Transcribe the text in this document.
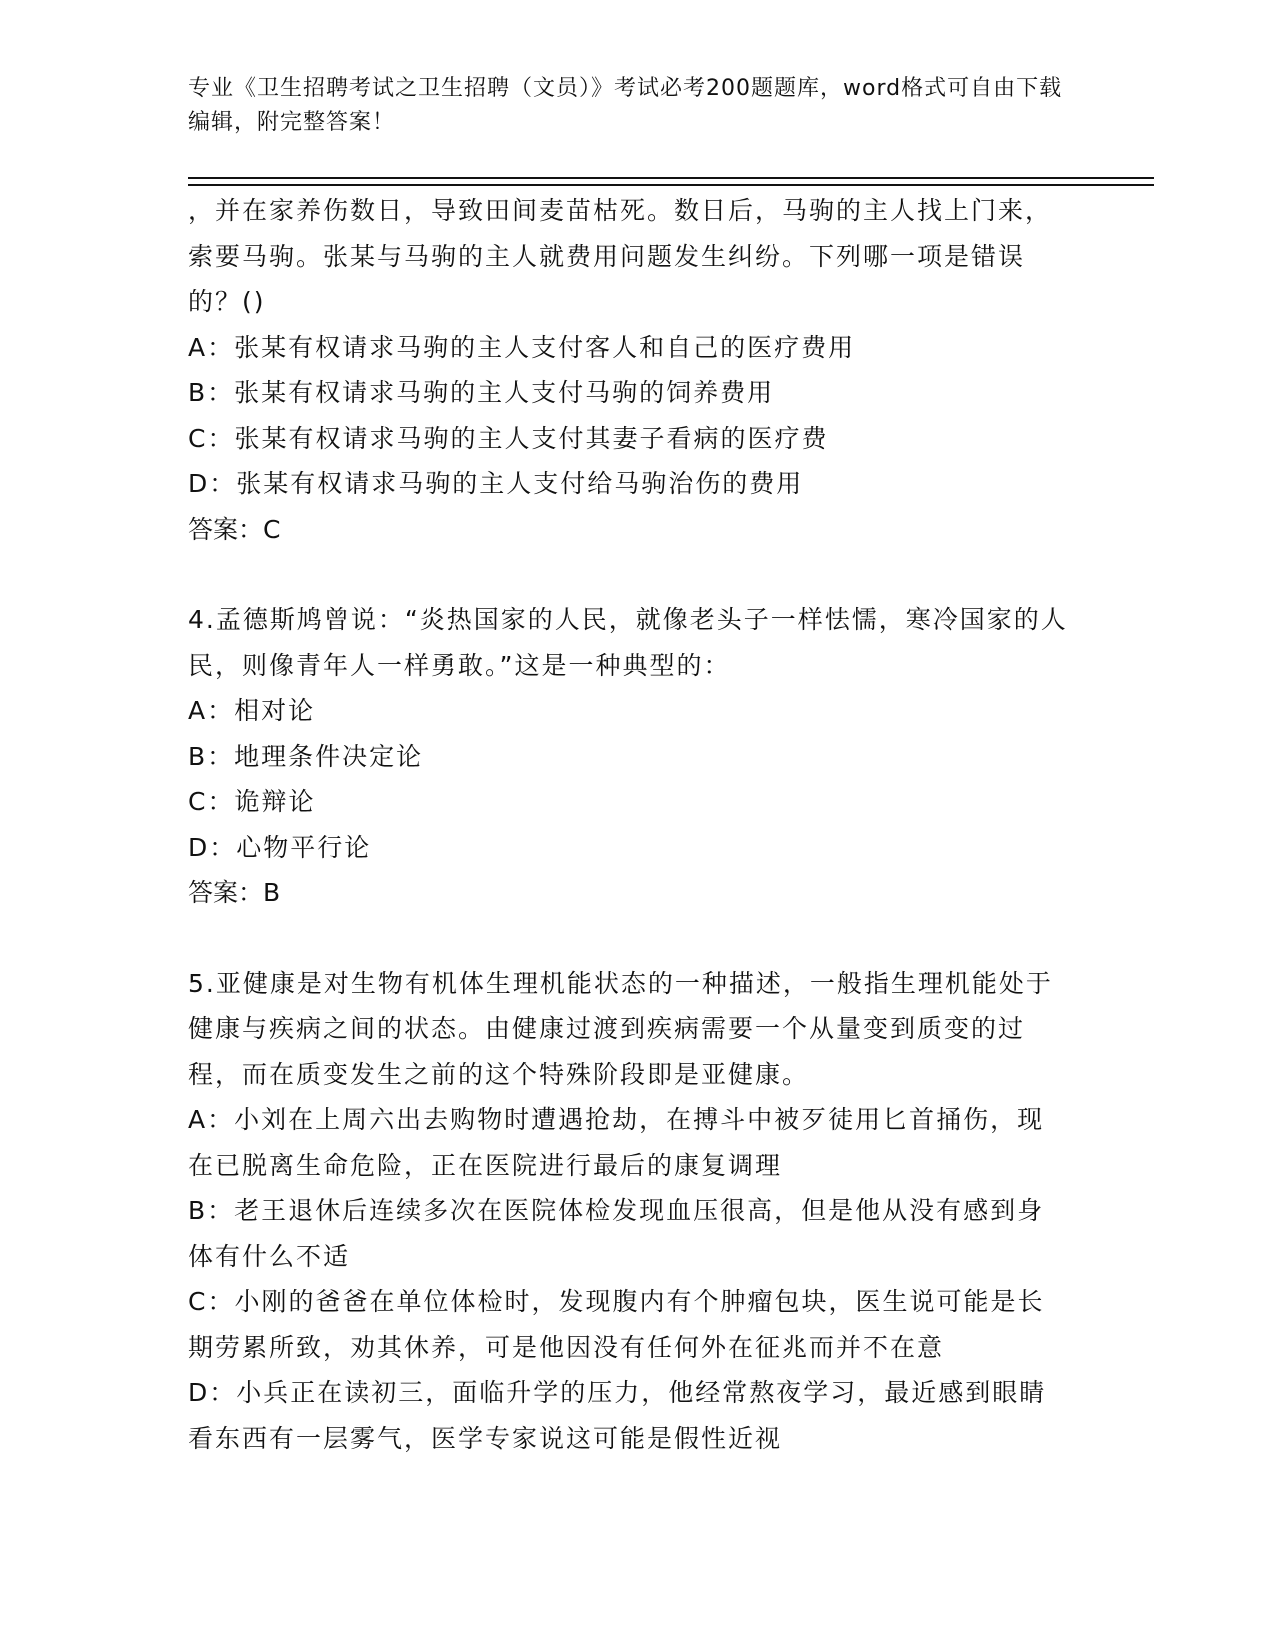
专业《卫生招聘考试之卫生招聘（文员）》考试必考200题题库，word格式可自由下载编辑，附完整答案！
，并在家养伤数日，导致田间麦苗枯死。数日后，马驹的主人找上门来，索要马驹。张某与马驹的主人就费用问题发生纠纷。下列哪一项是错误的？()
A：张某有权请求马驹的主人支付客人和自己的医疗费用
B：张某有权请求马驹的主人支付马驹的饲养费用
C：张某有权请求马驹的主人支付其妻子看病的医疗费
D：张某有权请求马驹的主人支付给马驹治伤的费用
答案：C
4.孟德斯鸠曾说：“炎热国家的人民，就像老头子一样怯懦，寒冷国家的人民，则像青年人一样勇敢。”这是一种典型的：
A：相对论
B：地理条件决定论
C：诡辩论
D：心物平行论
答案：B
5.亚健康是对生物有机体生理机能状态的一种描述，一般指生理机能处于健康与疾病之间的状态。由健康过渡到疾病需要一个从量变到质变的过程，而在质变发生之前的这个特殊阶段即是亚健康。
A：小刘在上周六出去购物时遭遇抢劫，在搏斗中被歹徒用匕首捅伤，现在已脱离生命危险，正在医院进行最后的康复调理
B：老王退休后连续多次在医院体检发现血压很高，但是他从没有感到身体有什么不适
C：小刚的爸爸在单位体检时，发现腹内有个肿瘤包块，医生说可能是长期劳累所致，劝其休养，可是他因没有任何外在征兆而并不在意
D：小兵正在读初三，面临升学的压力，他经常熬夜学习，最近感到眼睛看东西有一层雾气，医学专家说这可能是假性近视
